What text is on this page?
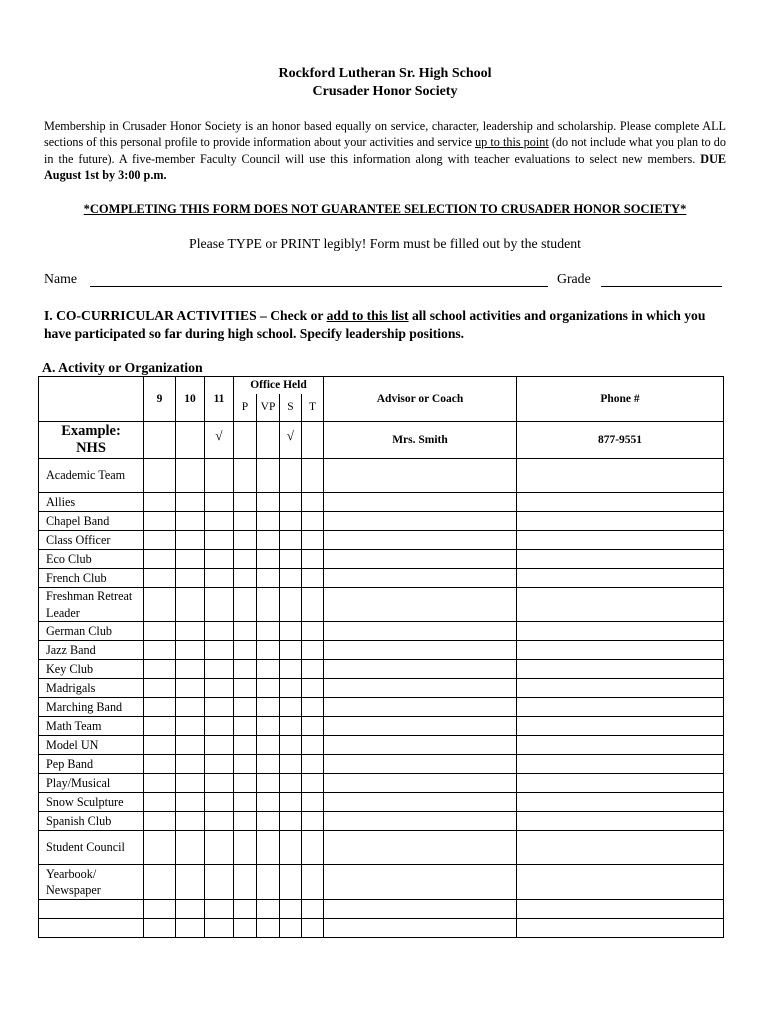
Rockford Lutheran Sr. High School
Crusader Honor Society
Membership in Crusader Honor Society is an honor based equally on service, character, leadership and scholarship. Please complete ALL sections of this personal profile to provide information about your activities and service up to this point (do not include what you plan to do in the future). A five-member Faculty Council will use this information along with teacher evaluations to select new members. DUE August 1st by 3:00 p.m.
*COMPLETING THIS FORM DOES NOT GUARANTEE SELECTION TO CRUSADER HONOR SOCIETY*
Please TYPE or PRINT legibly! Form must be filled out by the student
Name	Grade
I. CO-CURRICULAR ACTIVITIES – Check or add to this list all school activities and organizations in which you have participated so far during high school. Specify leadership positions.
A. Activity or Organization
	9	10	11	Office Held				Advisor or Coach	Phone #
				P	VP	S	T		
Example:
NHS			√			√		Mrs. Smith	877-9551
Academic Team									
Allies									
Chapel Band									
Class Officer									
Eco Club									
French Club									
Freshman Retreat Leader									
German Club									
Jazz Band									
Key Club									
Madrigals									
Marching Band									
Math Team									
Model UN									
Pep Band									
Play/Musical									
Snow Sculpture									
Spanish Club									
Student Council									
Yearbook/ Newspaper									
